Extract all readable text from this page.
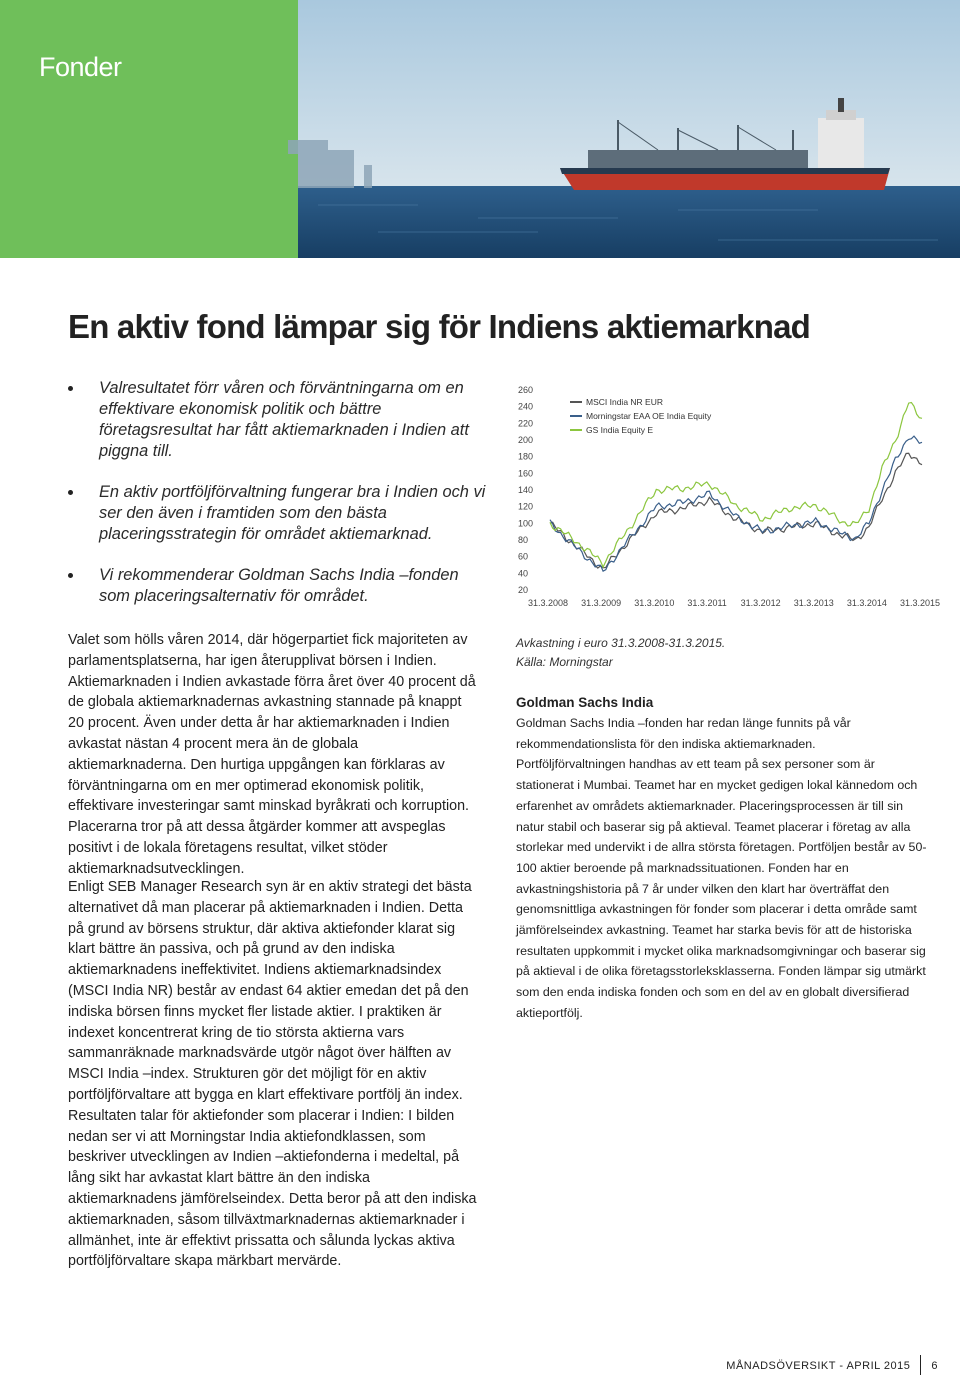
Fonder
En aktiv fond lämpar sig för Indiens aktiemarknad
Valresultatet förr våren och förväntningarna om en effektivare ekonomisk politik och bättre företagsresultat har fått aktiemarknaden i Indien att piggna till.
En aktiv portföljförvaltning fungerar bra i Indien och vi ser den även i framtiden som den bästa placeringsstrategin för området aktiemarknad.
Vi rekommenderar Goldman Sachs India –fonden som placeringsalternativ för området.
260
240
220
200
180
160
140
120
100
80
60
40
20
31.3.2008 31.3.2009 31.3.2010 31.3.2011 31.3.2012 31.3.2013 31.3.2014 31.3.2015
MSCI India NR EUR
Morningstar EAA OE India Equity
GS India Equity E
Avkastning i euro 31.3.2008-31.3.2015.
Källa: Morningstar

Valet som hölls våren 2014, där högerpartiet fick majoriteten av parlamentsplatserna, har igen återupplivat börsen i Indien. Aktiemarknaden i Indien avkastade förra året över 40 procent då de globala aktiemarknadernas avkastning stannade på knappt 20 procent. Även under detta år har aktiemarknaden i Indien avkastat nästan 4 procent mera än de globala aktiemarknaderna. Den hurtiga uppgången kan förklaras av förväntningarna om en mer optimerad ekonomisk politik, effektivare investeringar samt minskad byråkrati och korruption. Placerarna tror på att dessa åtgärder kommer att avspeglas positivt i de lokala företagens resultat, vilket stöder aktiemarknadsutvecklingen.

Enligt SEB Manager Research syn är en aktiv strategi det bästa alternativet då man placerar på aktiemarknaden i Indien. Detta på grund av börsens struktur, där aktiva aktiefonder klarat sig klart bättre än passiva, och på grund av den indiska aktiemarknadens ineffektivitet. Indiens aktiemarknadsindex (MSCI India NR) består av endast 64 aktier emedan det på den indiska börsen finns mycket fler listade aktier. I praktiken är indexet koncentrerat kring de tio största aktierna vars sammanräknade marknadsvärde utgör något över hälften av MSCI India –index. Strukturen gör det möjligt för en aktiv portföljförvaltare att bygga en klart effektivare portfölj än index. Resultaten talar för aktiefonder som placerar i Indien: I bilden nedan ser vi att Morningstar India aktiefondklassen, som beskriver utvecklingen av Indien –aktiefonderna i medeltal, på lång sikt har avkastat klart bättre än den indiska aktiemarknadens jämförelseindex. Detta beror på att den indiska aktiemarknaden, såsom tillväxtmarknadernas aktiemarknader i allmänhet, inte är effektivt prissatta och sålunda lyckas aktiva portföljförvaltare skapa märkbart mervärde.

Goldman Sachs India

Goldman Sachs India –fonden har redan länge funnits på vår rekommendationslista för den indiska aktiemarknaden. Portföljförvaltningen handhas av ett team på sex personer som är stationerat i Mumbai. Teamet har en mycket gedigen lokal kännedom och erfarenhet av områdets aktiemarknader. Placeringsprocessen är till sin natur stabil och baserar sig på aktieval. Teamet placerar i företag av alla storlekar med undervikt i de allra största företagen. Portföljen består av 50-100 aktier beroende på marknadssituationen. Fonden har en avkastningshistoria på 7 år under vilken den klart har överträffat den genomsnittliga avkastningen för fonder som placerar i detta område samt jämförelseindex avkastning. Teamet har starka bevis för att de historiska resultaten uppkommit i mycket olika marknadsomgivningar och baserar sig på aktieval i de olika företagsstorleksklasserna. Fonden lämpar sig utmärkt som den enda indiska fonden och som en del av en globalt diversifierad aktieportfölj.

MÅNADSÖVERSIKT - APRIL 2015 6
